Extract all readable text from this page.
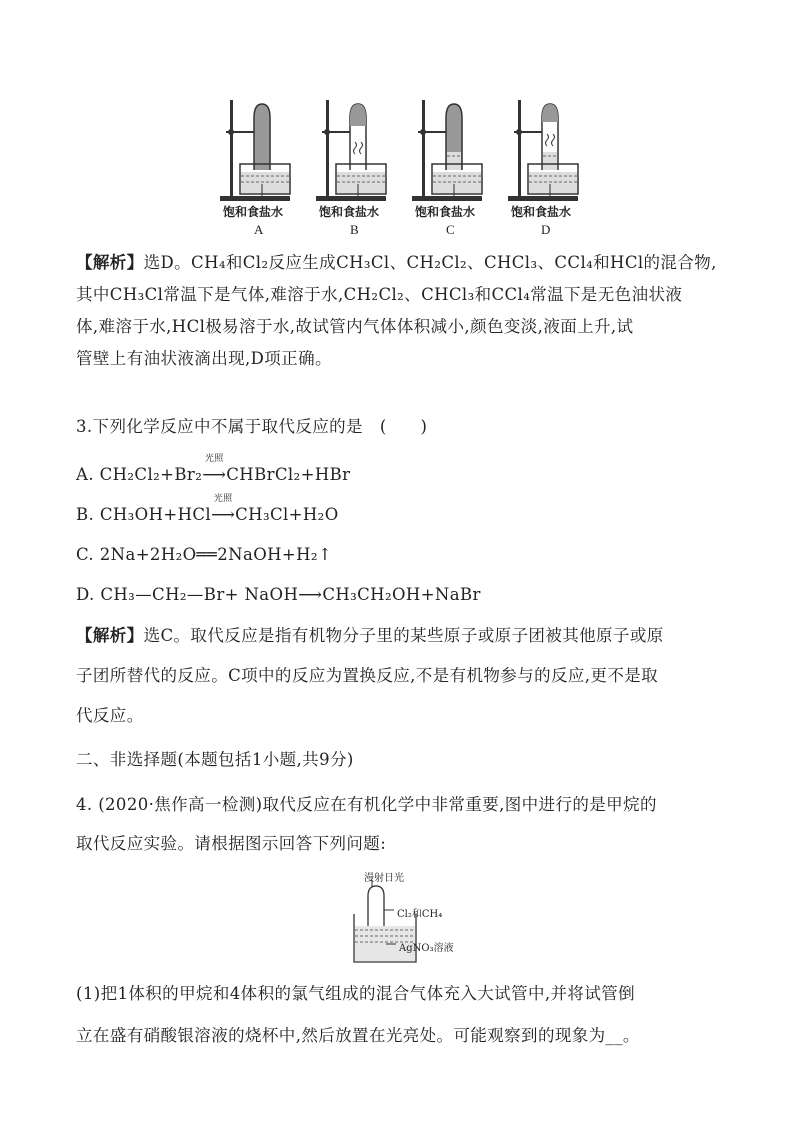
饱和食盐水	饱和食盐水	饱和食盐水	饱和食盐水
A	B	C	D
【解析】选D。CH₄和Cl₂反应生成CH₃Cl、CH₂Cl₂、CHCl₃、CCl₄和HCl的混合物,
其中CH₃Cl常温下是气体,难溶于水,CH₂Cl₂、CHCl₃和CCl₄常温下是无色油状液
体,难溶于水,HCl极易溶于水,故试管内气体体积减小,颜色变淡,液面上升,试
管壁上有油状液滴出现,D项正确。
3.下列化学反应中不属于取代反应的是　(　　)
A. CH₂Cl₂+Br₂
光照
⟶CHBrCl₂+HBr
B. CH₃OH+HCl
光照
⟶CH₃Cl+H₂O
C. 2Na+2H₂O══2NaOH+H₂↑
D. CH₃—CH₂—Br+ NaOH⟶CH₃CH₂OH+NaBr
【解析】选C。取代反应是指有机物分子里的某些原子或原子团被其他原子或原
子团所替代的反应。C项中的反应为置换反应,不是有机物参与的反应,更不是取
代反应。
二、非选择题(本题包括1小题,共9分)
4. (2020·焦作高一检测)取代反应在有机化学中非常重要,图中进行的是甲烷的
取代反应实验。请根据图示回答下列问题:
漫射日光
Cl₂和CH₄
AgNO₃溶液
(1)把1体积的甲烷和4体积的氯气组成的混合气体充入大试管中,并将试管倒
立在盛有硝酸银溶液的烧杯中,然后放置在光亮处。可能观察到的现象为__。
